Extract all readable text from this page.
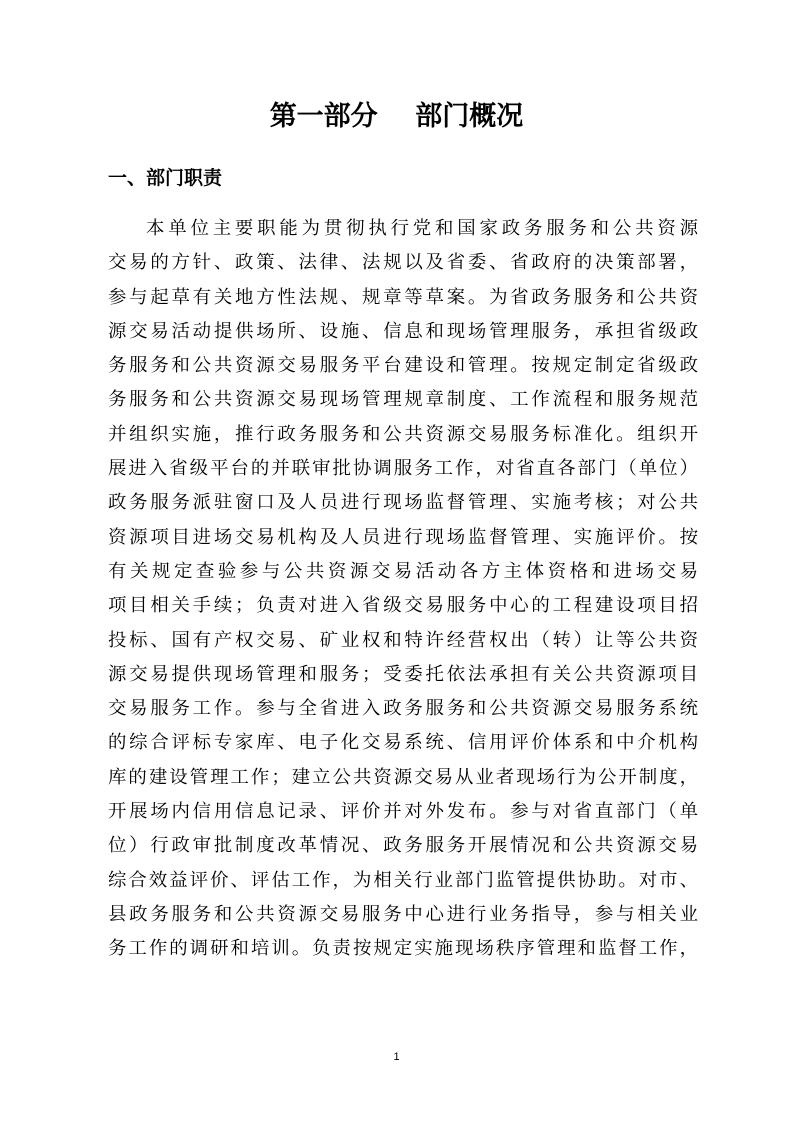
第一部分    部门概况
一、部门职责
本单位主要职能为贯彻执行党和国家政务服务和公共资源
交易的方针、政策、法律、法规以及省委、省政府的决策部署，
参与起草有关地方性法规、规章等草案。为省政务服务和公共资
源交易活动提供场所、设施、信息和现场管理服务，承担省级政
务服务和公共资源交易服务平台建设和管理。按规定制定省级政
务服务和公共资源交易现场管理规章制度、工作流程和服务规范
并组织实施，推行政务服务和公共资源交易服务标准化。组织开
展进入省级平台的并联审批协调服务工作，对省直各部门（单位）
政务服务派驻窗口及人员进行现场监督管理、实施考核；对公共
资源项目进场交易机构及人员进行现场监督管理、实施评价。按
有关规定查验参与公共资源交易活动各方主体资格和进场交易
项目相关手续；负责对进入省级交易服务中心的工程建设项目招
投标、国有产权交易、矿业权和特许经营权出（转）让等公共资
源交易提供现场管理和服务；受委托依法承担有关公共资源项目
交易服务工作。参与全省进入政务服务和公共资源交易服务系统
的综合评标专家库、电子化交易系统、信用评价体系和中介机构
库的建设管理工作；建立公共资源交易从业者现场行为公开制度，
开展场内信用信息记录、评价并对外发布。参与对省直部门（单
位）行政审批制度改革情况、政务服务开展情况和公共资源交易
综合效益评价、评估工作，为相关行业部门监管提供协助。对市、
县政务服务和公共资源交易服务中心进行业务指导，参与相关业
务工作的调研和培训。负责按规定实施现场秩序管理和监督工作，
1
